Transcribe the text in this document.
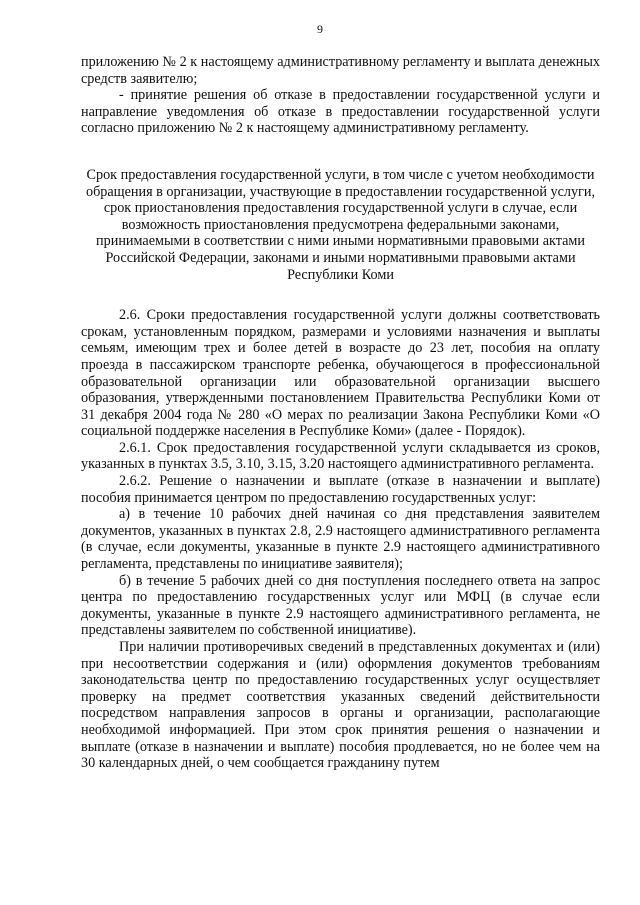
9

приложению № 2 к настоящему административному регламенту и выплата денежных средств заявителю;

- принятие решения об отказе в предоставлении государственной услуги и направление уведомления об отказе в предоставлении государственной услуги согласно приложению № 2 к настоящему административному регламенту.

Срок предоставления государственной услуги, в том числе с учетом необходимости обращения в организации, участвующие в предоставлении государственной услуги, срок приостановления предоставления государственной услуги в случае, если возможность приостановления предусмотрена федеральными законами, принимаемыми в соответствии с ними иными нормативными правовыми актами Российской Федерации, законами и иными нормативными правовыми актами Республики Коми

2.6. Сроки предоставления государственной услуги должны соответствовать срокам, установленным порядком, размерами и условиями назначения и выплаты семьям, имеющим трех и более детей в возрасте до 23 лет, пособия на оплату проезда в пассажирском транспорте ребенка, обучающегося в профессиональной образовательной организации или образовательной организации высшего образования, утвержденными постановлением Правительства Республики Коми от 31 декабря 2004 года № 280 «О мерах по реализации Закона Республики Коми «О социальной поддержке населения в Республике Коми» (далее - Порядок).

2.6.1. Срок предоставления государственной услуги складывается из сроков, указанных в пунктах 3.5, 3.10, 3.15, 3.20 настоящего административного регламента.

2.6.2. Решение о назначении и выплате (отказе в назначении и выплате) пособия принимается центром по предоставлению государственных услуг:

а) в течение 10 рабочих дней начиная со дня представления заявителем документов, указанных в пунктах 2.8, 2.9 настоящего административного регламента (в случае, если документы, указанные в пункте 2.9 настоящего административного регламента, представлены по инициативе заявителя);

б) в течение 5 рабочих дней со дня поступления последнего ответа на запрос центра по предоставлению государственных услуг или МФЦ (в случае если документы, указанные в пункте 2.9 настоящего административного регламента, не представлены заявителем по собственной инициативе).

При наличии противоречивых сведений в представленных документах и (или) при несоответствии содержания и (или) оформления документов требованиям законодательства центр по предоставлению государственных услуг осуществляет проверку на предмет соответствия указанных сведений действительности посредством направления запросов в органы и организации, располагающие необходимой информацией. При этом срок принятия решения о назначении и выплате (отказе в назначении и выплате) пособия продлевается, но не более чем на 30 календарных дней, о чем сообщается гражданину путем
